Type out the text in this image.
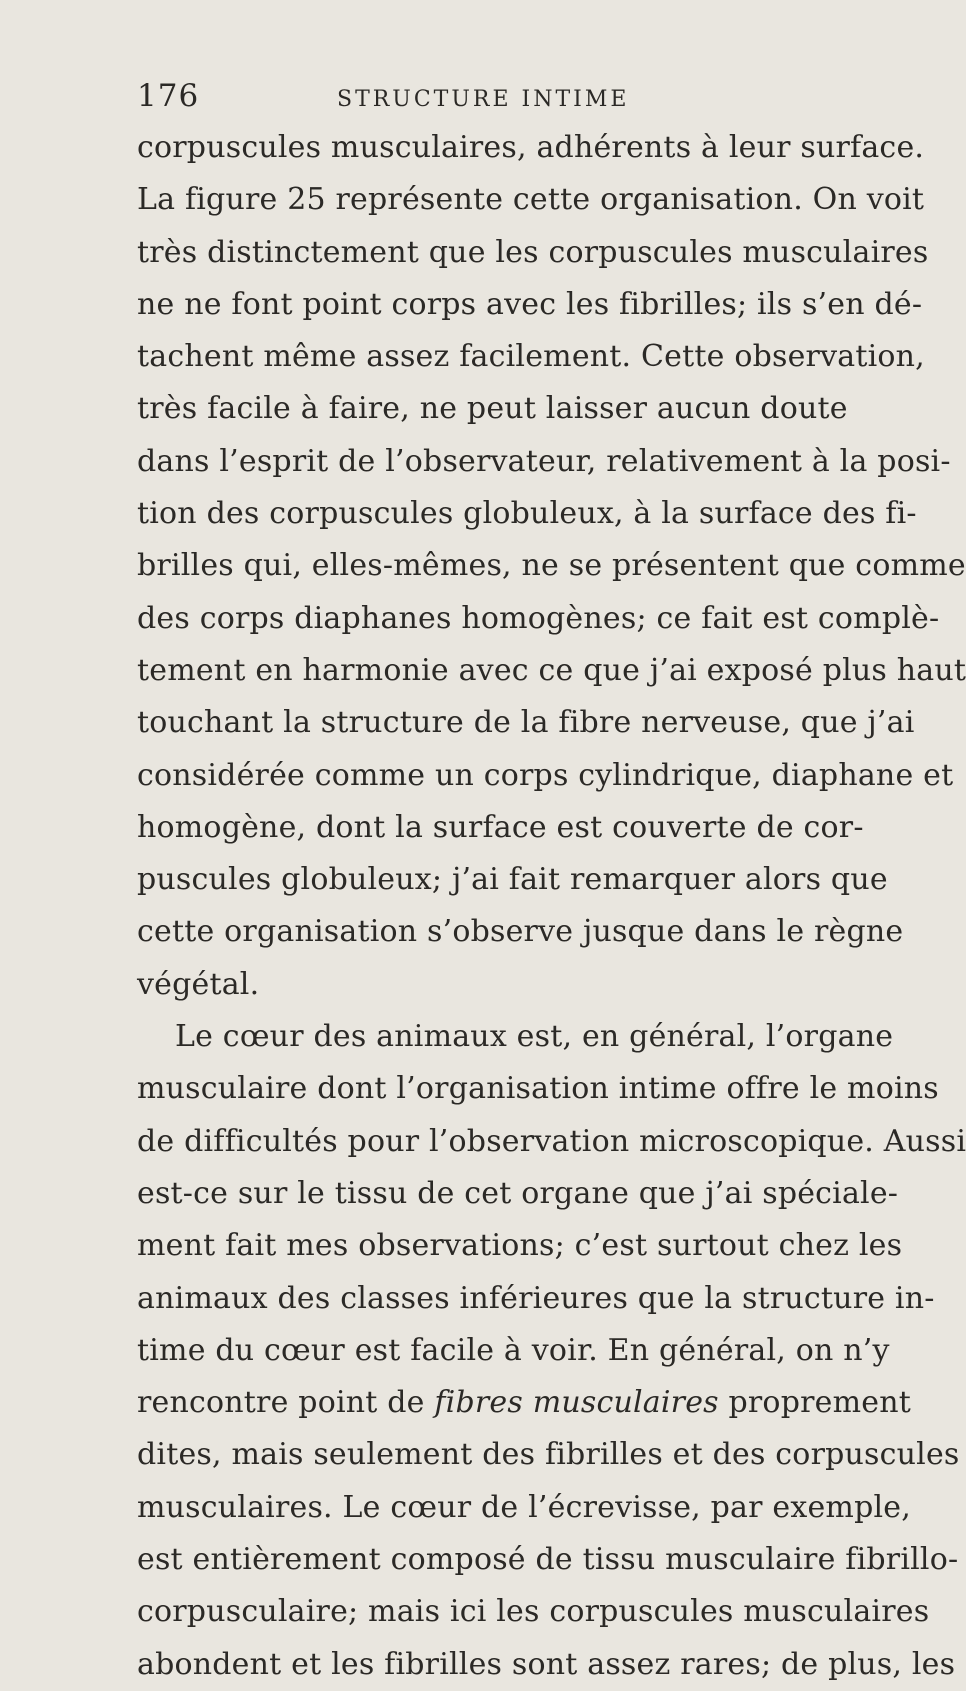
176	STRUCTURE INTIME

corpuscules musculaires, adhérents à leur surface.

La figure 25 représente cette organisation. On voit

très distinctement que les corpuscules musculaires

ne ne font point corps avec les fibrilles; ils s’en dé-

tachent même assez facilement. Cette observation,

très facile à faire, ne peut laisser aucun doute

dans l’esprit de l’observateur, relativement à la posi-

tion des corpuscules globuleux, à la surface des fi-

brilles qui, elles-mêmes, ne se présentent que comme

des corps diaphanes homogènes; ce fait est complè-

tement en harmonie avec ce que j’ai exposé plus haut

touchant la structure de la fibre nerveuse, que j’ai

considérée comme un corps cylindrique, diaphane et

homogène, dont la surface est couverte de cor-

puscules globuleux; j’ai fait remarquer alors que

cette organisation s’observe jusque dans le règne

végétal.

Le cœur des animaux est, en général, l’organe

musculaire dont l’organisation intime offre le moins

de difficultés pour l’observation microscopique. Aussi

est-ce sur le tissu de cet organe que j’ai spéciale-

ment fait mes observations; c’est surtout chez les

animaux des classes inférieures que la structure in-

time du cœur est facile à voir. En général, on n’y

rencontre point de fibres musculaires proprement

dites, mais seulement des fibrilles et des corpuscules

musculaires. Le cœur de l’écrevisse, par exemple,

est entièrement composé de tissu musculaire fibrillo-

corpusculaire; mais ici les corpuscules musculaires

abondent et les fibrilles sont assez rares; de plus, les
